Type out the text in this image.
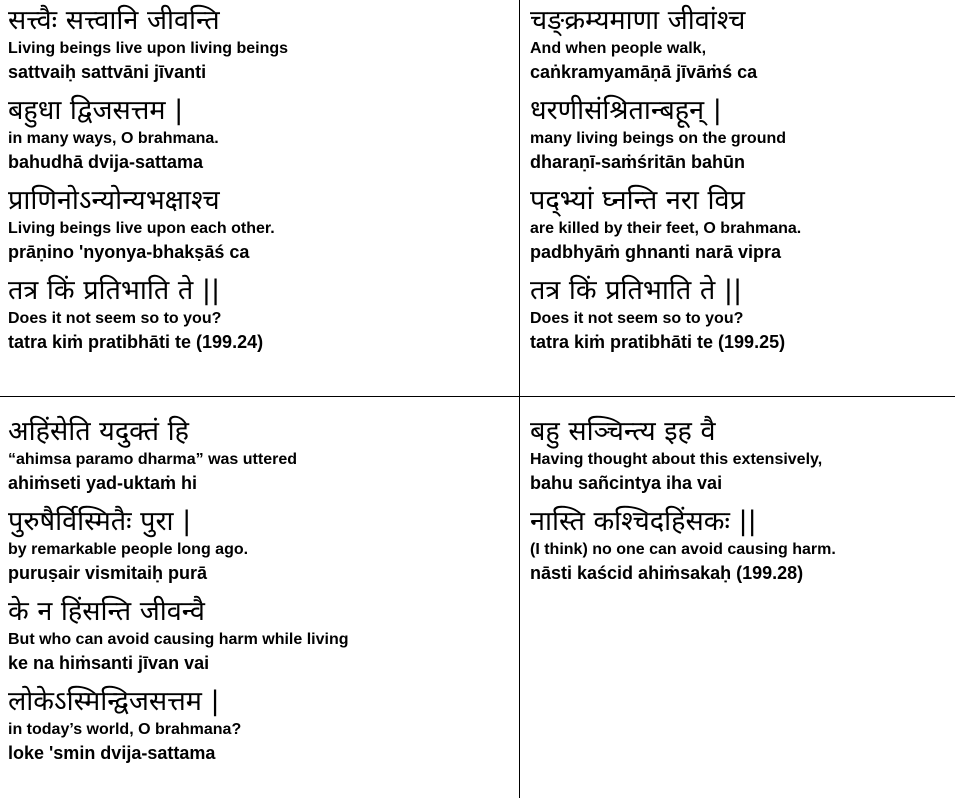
सत्त्वैः सत्त्वानि जीवन्ति
Living beings live upon living beings
sattvaiḥ sattvāni jīvanti
बहुधा द्विजसत्तम |
in many ways, O brahmana.
bahudhā dvija-sattama
प्राणिनोऽन्योन्यभक्षाश्च
Living beings live upon each other.
prāṇino 'nyonya-bhakṣāś ca
तत्र किं प्रतिभाति ते ||
Does it not seem so to you?
tatra kiṁ pratibhāti te (199.24)
चङ्क्रम्यमाणा जीवांश्च
And when people walk,
caṅkramyamāṇā jīvāṁś ca
धरणीसंश्रितान्बहून् |
many living beings on the ground
dharaṇī-saṁśritān bahūn
पद्भ्यां घ्नन्ति नरा विप्र
are killed by their feet, O brahmana.
padbhyāṁ ghnanti narā vipra
तत्र किं प्रतिभाति ते ||
Does it not seem so to you?
tatra kiṁ pratibhāti te (199.25)
अहिंसेति यदुक्तं हि
“ahimsa paramo dharma” was uttered
ahiṁseti yad-uktaṁ hi
पुरुषैर्विस्मितैः पुरा |
by remarkable people long ago.
puruṣair vismitaiḥ purā
के न हिंसन्ति जीवन्वै
But who can avoid causing harm while living
ke na hiṁsanti jīvan vai
लोकेऽस्मिन्द्विजसत्तम |
in today’s world, O brahmana?
loke 'smin dvija-sattama
बहु सञ्चिन्त्य इह वै
Having thought about this extensively,
bahu sañcintya iha vai
नास्ति कश्चिदहिंसकः ||
(I think) no one can avoid causing harm.
nāsti kaścid ahiṁsakaḥ (199.28)
